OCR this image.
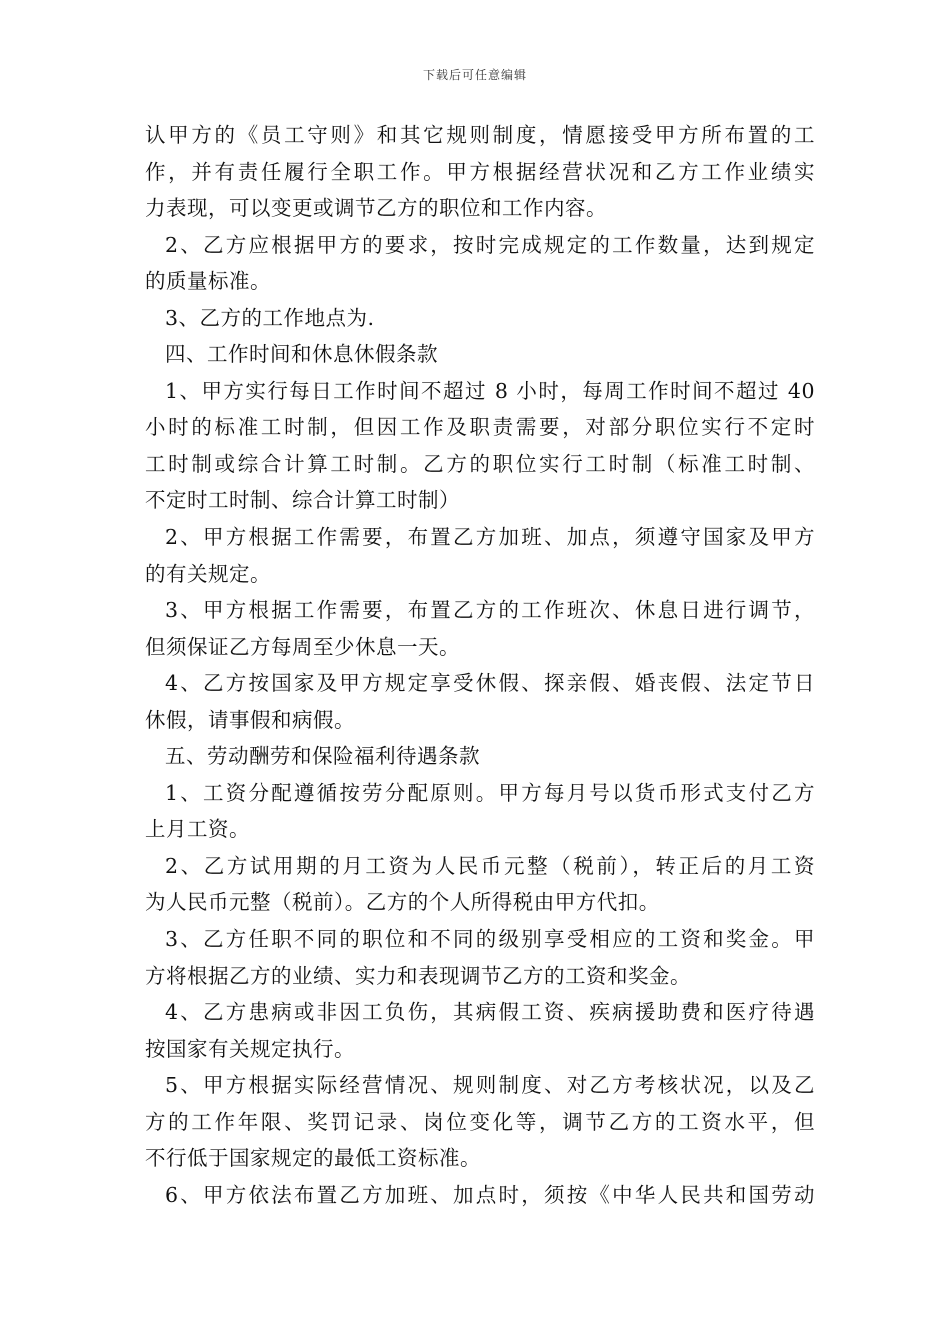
下载后可任意编辑
认甲方的《员工守则》和其它规则制度，情愿接受甲方所布置的工
作，并有责任履行全职工作。甲方根据经营状况和乙方工作业绩实
力表现，可以变更或调节乙方的职位和工作内容。
2、乙方应根据甲方的要求，按时完成规定的工作数量，达到规定
的质量标准。
3、乙方的工作地点为.
四、工作时间和休息休假条款
1、甲方实行每日工作时间不超过 8 小时，每周工作时间不超过 40
小时的标准工时制，但因工作及职责需要，对部分职位实行不定时
工时制或综合计算工时制。乙方的职位实行工时制（标准工时制、
不定时工时制、综合计算工时制）
2、甲方根据工作需要，布置乙方加班、加点，须遵守国家及甲方
的有关规定。
3、甲方根据工作需要，布置乙方的工作班次、休息日进行调节，
但须保证乙方每周至少休息一天。
4、乙方按国家及甲方规定享受休假、探亲假、婚丧假、法定节日
休假，请事假和病假。
五、劳动酬劳和保险福利待遇条款
1、工资分配遵循按劳分配原则。甲方每月号以货币形式支付乙方
上月工资。
2、乙方试用期的月工资为人民币元整（税前），转正后的月工资
为人民币元整（税前）。乙方的个人所得税由甲方代扣。
3、乙方任职不同的职位和不同的级别享受相应的工资和奖金。甲
方将根据乙方的业绩、实力和表现调节乙方的工资和奖金。
4、乙方患病或非因工负伤，其病假工资、疾病援助费和医疗待遇
按国家有关规定执行。
5、甲方根据实际经营情况、规则制度、对乙方考核状况，以及乙
方的工作年限、奖罚记录、岗位变化等，调节乙方的工资水平，但
不行低于国家规定的最低工资标准。
6、甲方依法布置乙方加班、加点时，须按《中华人民共和国劳动
